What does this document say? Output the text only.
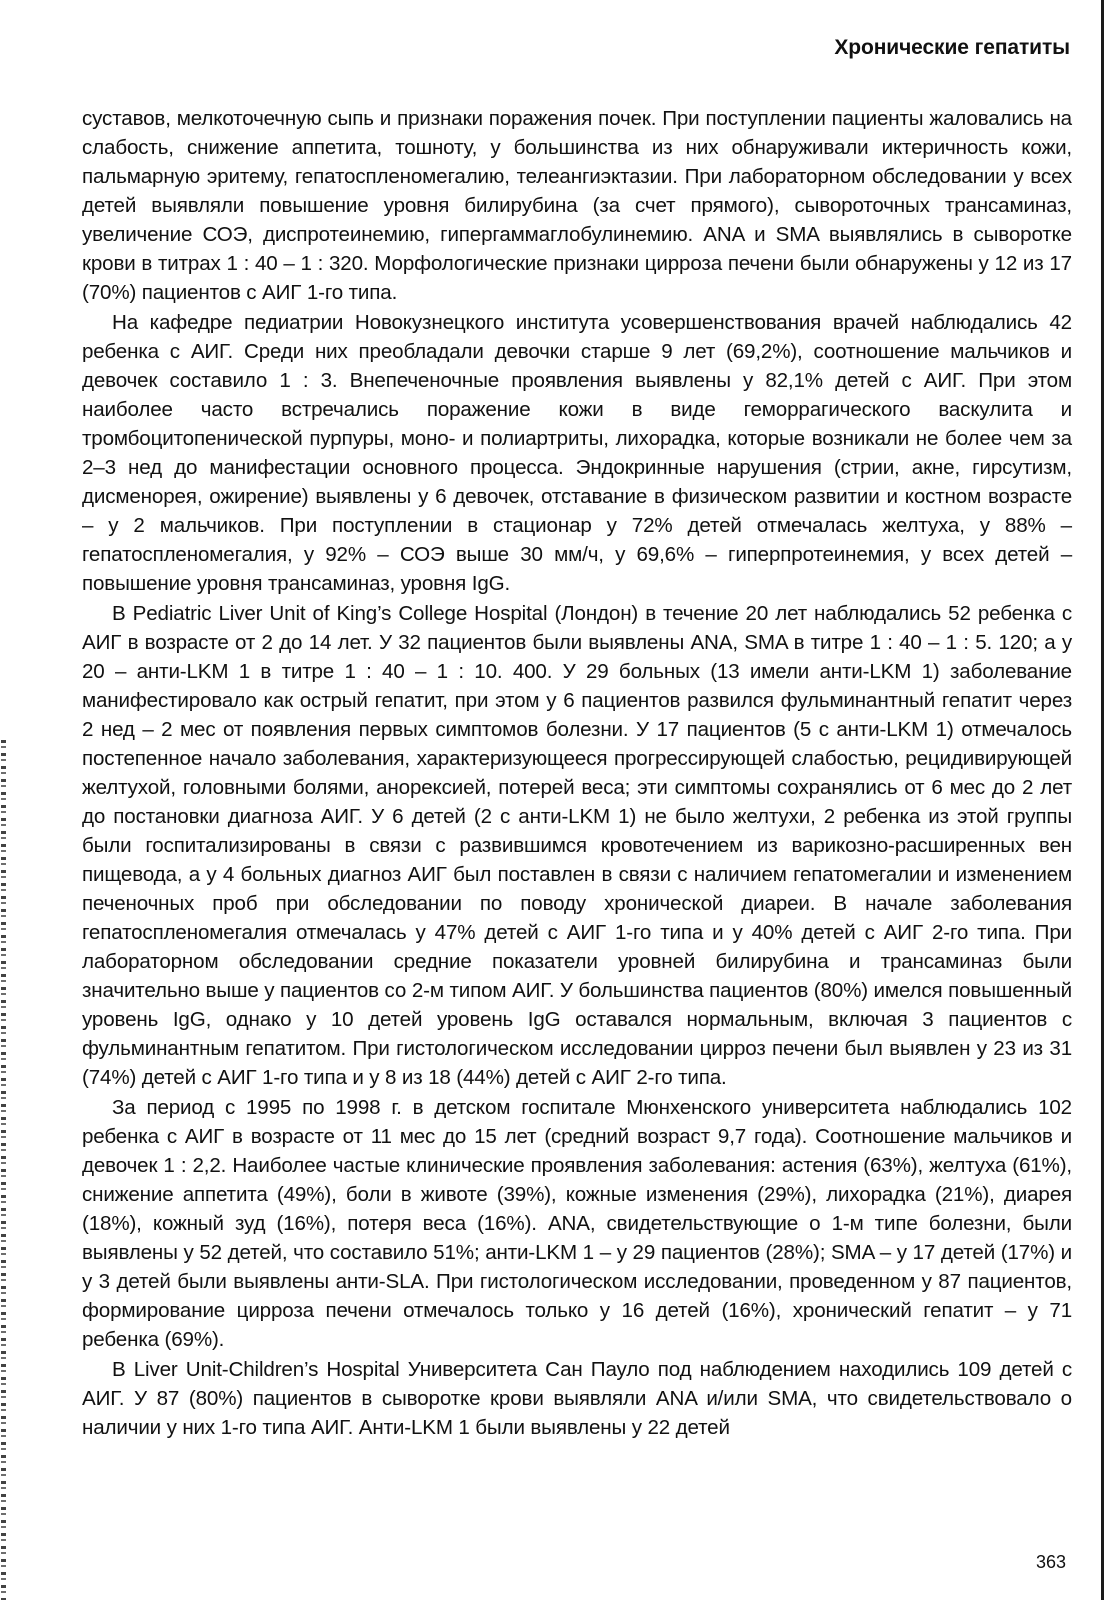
Хронические гепатиты

суставов, мелкоточечную сыпь и признаки поражения почек. При поступлении пациенты жаловались на слабость, снижение аппетита, тошноту, у большинства из них обнаруживали иктеричность кожи, пальмарную эритему, гепатоспленомегалию, телеангиэктазии. При лабораторном обследовании у всех детей выявляли повышение уровня билирубина (за счет прямого), сывороточных трансаминаз, увеличение СОЭ, диспротеинемию, гипергаммаглобулинемию. ANA и SMA выявлялись в сыворотке крови в титрах 1 : 40 – 1 : 320. Морфологические признаки цирроза печени были обнаружены у 12 из 17 (70%) пациентов с АИГ 1-го типа.

На кафедре педиатрии Новокузнецкого института усовершенствования врачей наблюдались 42 ребенка с АИГ. Среди них преобладали девочки старше 9 лет (69,2%), соотношение мальчиков и девочек составило 1 : 3. Внепеченочные проявления выявлены у 82,1% детей с АИГ. При этом наиболее часто встречались поражение кожи в виде геморрагического васкулита и тромбоцитопенической пурпуры, моно- и полиартриты, лихорадка, которые возникали не более чем за 2–3 нед до манифестации основного процесса. Эндокринные нарушения (стрии, акне, гирсутизм, дисменорея, ожирение) выявлены у 6 девочек, отставание в физическом развитии и костном возрасте – у 2 мальчиков. При поступлении в стационар у 72% детей отмечалась желтуха, у 88% – гепатоспленомегалия, у 92% – СОЭ выше 30 мм/ч, у 69,6% – гиперпротеинемия, у всех детей – повышение уровня трансаминаз, уровня IgG.

В Pediatric Liver Unit of King’s College Hospital (Лондон) в течение 20 лет наблюдались 52 ребенка с АИГ в возрасте от 2 до 14 лет. У 32 пациентов были выявлены ANA, SMA в титре 1 : 40 – 1 : 5. 120; а у 20 – анти-LKM 1 в титре 1 : 40 – 1 : 10. 400. У 29 больных (13 имели анти-LKM 1) заболевание манифестировало как острый гепатит, при этом у 6 пациентов развился фульминантный гепатит через 2 нед – 2 мес от появления первых симптомов болезни. У 17 пациентов (5 с анти-LKM 1) отмечалось постепенное начало заболевания, характеризующееся прогрессирующей слабостью, рецидивирующей желтухой, головными болями, анорексией, потерей веса; эти симптомы сохранялись от 6 мес до 2 лет до постановки диагноза АИГ. У 6 детей (2 с анти-LKM 1) не было желтухи, 2 ребенка из этой группы были госпитализированы в связи с развившимся кровотечением из варикозно-расширенных вен пищевода, а у 4 больных диагноз АИГ был поставлен в связи с наличием гепатомегалии и изменением печеночных проб при обследовании по поводу хронической диареи. В начале заболевания гепатоспленомегалия отмечалась у 47% детей с АИГ 1-го типа и у 40% детей с АИГ 2-го типа. При лабораторном обследовании средние показатели уровней билирубина и трансаминаз были значительно выше у пациентов со 2-м типом АИГ. У большинства пациентов (80%) имелся повышенный уровень IgG, однако у 10 детей уровень IgG оставался нормальным, включая 3 пациентов с фульминантным гепатитом. При гистологическом исследовании цирроз печени был выявлен у 23 из 31 (74%) детей с АИГ 1-го типа и у 8 из 18 (44%) детей с АИГ 2-го типа.

За период с 1995 по 1998 г. в детском госпитале Мюнхенского университета наблюдались 102 ребенка с АИГ в возрасте от 11 мес до 15 лет (средний возраст 9,7 года). Соотношение мальчиков и девочек 1 : 2,2. Наиболее частые клинические проявления заболевания: астения (63%), желтуха (61%), снижение аппетита (49%), боли в животе (39%), кожные изменения (29%), лихорадка (21%), диарея (18%), кожный зуд (16%), потеря веса (16%). ANA, свидетельствующие о 1-м типе болезни, были выявлены у 52 детей, что составило 51%; анти-LKM 1 – у 29 пациентов (28%); SMA – у 17 детей (17%) и у 3 детей были выявлены анти-SLA. При гистологическом исследовании, проведенном у 87 пациентов, формирование цирроза печени отмечалось только у 16 детей (16%), хронический гепатит – у 71 ребенка (69%).

В Liver Unit-Children’s Hospital Университета Сан Пауло под наблюдением находились 109 детей с АИГ. У 87 (80%) пациентов в сыворотке крови выявляли ANA и/или SMA, что свидетельствовало о наличии у них 1-го типа АИГ. Анти-LKM 1 были выявлены у 22 детей

363
